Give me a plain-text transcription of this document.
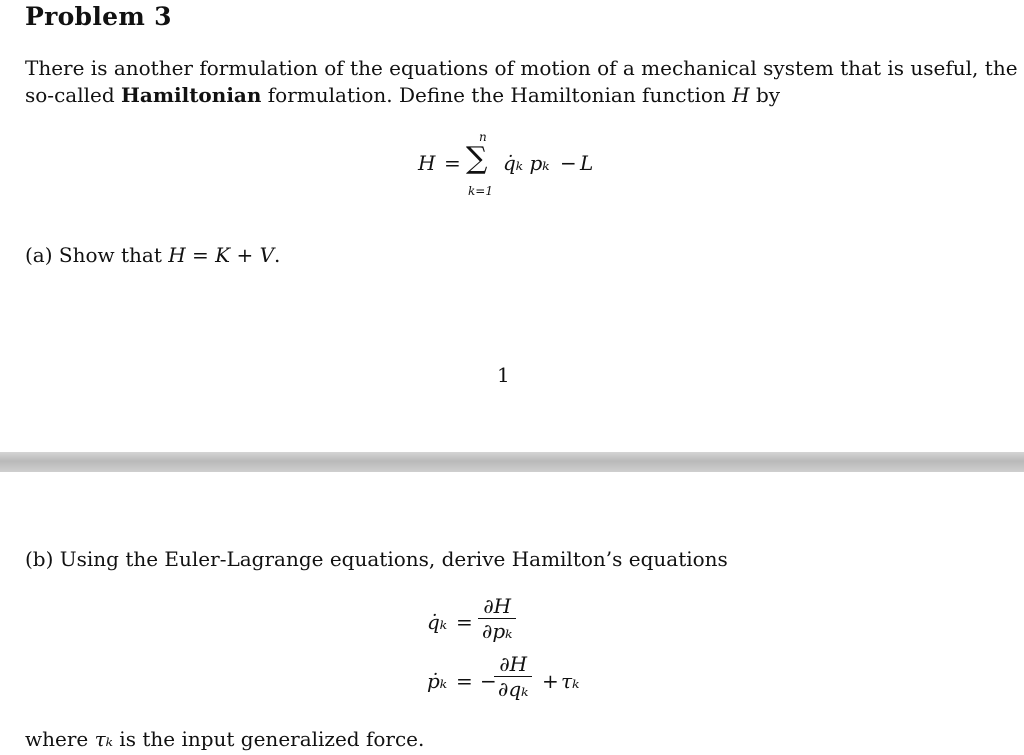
Problem 3
There is another formulation of the equations of motion of a mechanical system that is useful, the
so-called Hamiltonian formulation. Define the Hamiltonian function H by
H =
n
∑
k=1
q̇ₖ pₖ − L
(a) Show that H = K + V.
1
(b) Using the Euler-Lagrange equations, derive Hamilton’s equations
q̇ₖ = $\frac{\partial H}{\text{∂pₖ}}$
ṗₖ = −
$\frac{\partial H}{\text{∂qₖ}} + \tau_k$
where τₖ is the input generalized force.
